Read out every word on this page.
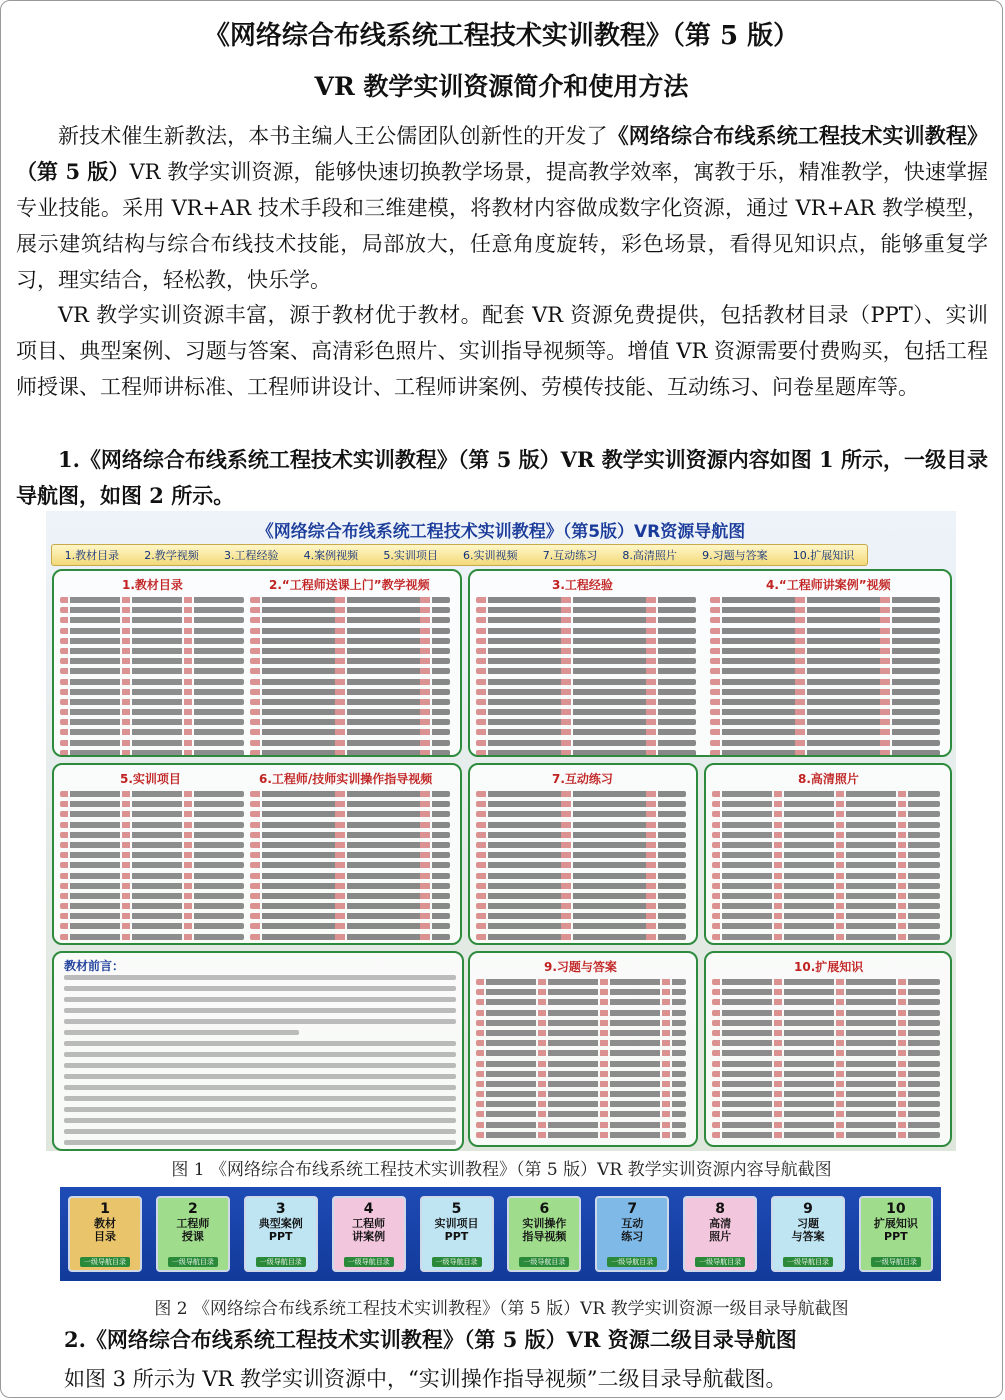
《网络综合布线系统工程技术实训教程》（第 5 版）
VR 教学实训资源简介和使用方法
新技术催生新教法，本书主编人王公儒团队创新性的开发了《网络综合布线系统工程技术实训教程》（第 5 版）VR 教学实训资源，能够快速切换教学场景，提高教学效率，寓教于乐，精准教学，快速掌握专业技能。采用 VR+AR 技术手段和三维建模，将教材内容做成数字化资源，通过 VR+AR 教学模型，展示建筑结构与综合布线技术技能，局部放大，任意角度旋转，彩色场景，看得见知识点，能够重复学习，理实结合，轻松教，快乐学。
VR 教学实训资源丰富，源于教材优于教材。配套 VR 资源免费提供，包括教材目录（PPT）、实训项目、典型案例、习题与答案、高清彩色照片、实训指导视频等。增值 VR 资源需要付费购买，包括工程师授课、工程师讲标准、工程师讲设计、工程师讲案例、劳模传技能、互动练习、问卷星题库等。
1.《网络综合布线系统工程技术实训教程》（第 5 版）VR 教学实训资源内容如图 1 所示，一级目录导航图，如图 2 所示。
《网络综合布线系统工程技术实训教程》（第5版）VR资源导航图
1.教材目录 2.教学视频 3.工程经验 4.案例视频 5.实训项目 6.实训视频 7.互动练习 8.高清照片 9.习题与答案 10.扩展知识
1.教材目录	2.“工程师送课上门”教学视频	3.工程经验	4.“工程师讲案例”视频
5.实训项目	6.工程师/技师实训操作指导视频	7.互动练习	8.高清照片
教材前言：	9.习题与答案	10.扩展知识
图 1 《网络综合布线系统工程技术实训教程》（第 5 版）VR 教学实训资源内容导航截图
1
教材
目录
一级导航目录
2
工程师
授课
一级导航目录
3
典型案例
PPT
一级导航目录
4
工程师
讲案例
一级导航目录
5
实训项目
PPT
一级导航目录
6
实训操作
指导视频
一级导航目录
7
互动
练习
一级导航目录
8
高清
照片
一级导航目录
9
习题
与答案
一级导航目录
10
扩展知识
PPT
一级导航目录
图 2 《网络综合布线系统工程技术实训教程》（第 5 版）VR 教学实训资源一级目录导航截图
2.《网络综合布线系统工程技术实训教程》（第 5 版）VR 资源二级目录导航图
如图 3 所示为 VR 教学实训资源中，“实训操作指导视频”二级目录导航截图。
